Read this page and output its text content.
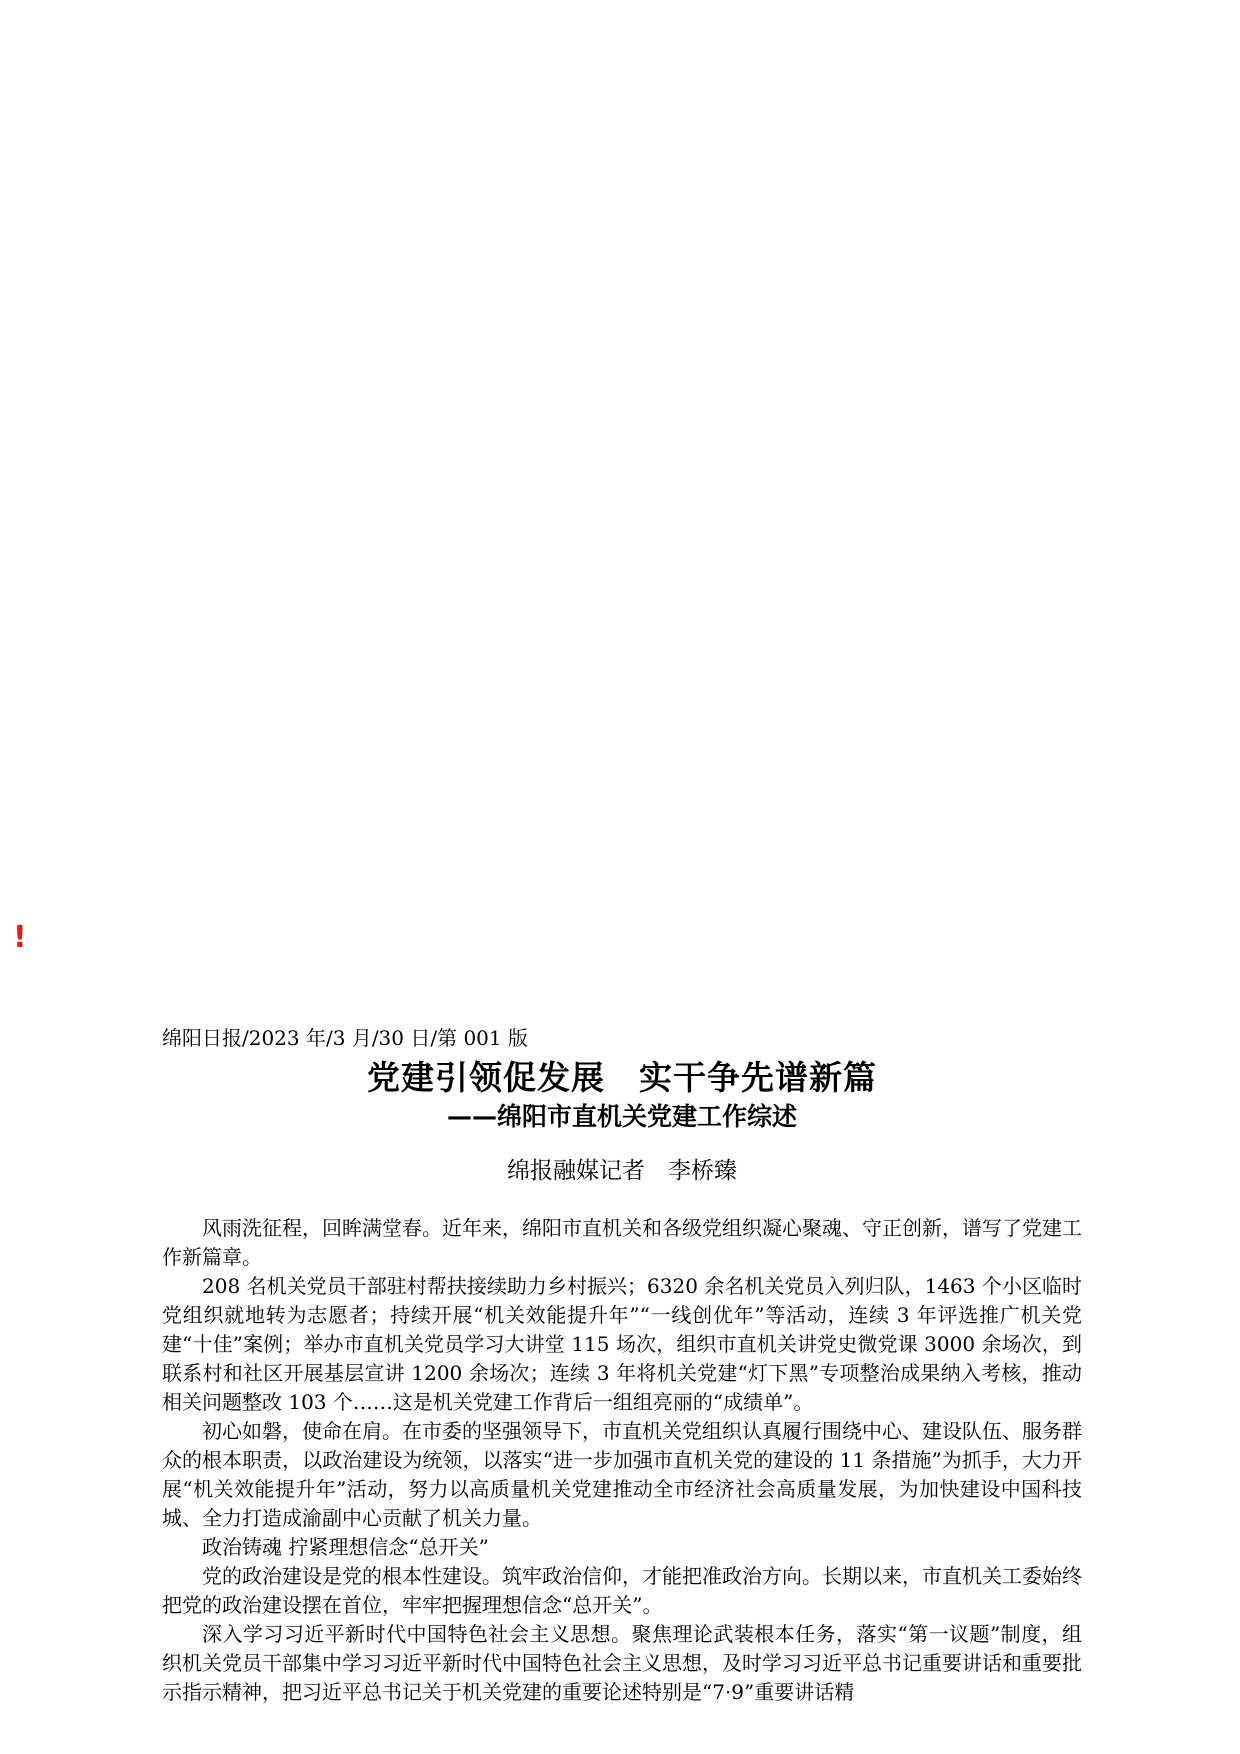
!
绵阳日报/2023 年/3 月/30 日/第 001 版
党建引领促发展　实干争先谱新篇
——绵阳市直机关党建工作综述
绵报融媒记者　李桥臻

风雨洗征程，回眸满堂春。近年来，绵阳市直机关和各级党组织凝心聚魂、守正创新，谱写了党建工作新篇章。

208 名机关党员干部驻村帮扶接续助力乡村振兴；6320 余名机关党员入列归队，1463 个小区临时党组织就地转为志愿者；持续开展“机关效能提升年”“一线创优年”等活动，连续 3 年评选推广机关党建“十佳”案例；举办市直机关党员学习大讲堂 115 场次，组织市直机关讲党史微党课 3000 余场次，到联系村和社区开展基层宣讲 1200 余场次；连续 3 年将机关党建“灯下黑”专项整治成果纳入考核，推动相关问题整改 103 个……这是机关党建工作背后一组组亮丽的“成绩单”。

初心如磐，使命在肩。在市委的坚强领导下，市直机关党组织认真履行围绕中心、建设队伍、服务群众的根本职责，以政治建设为统领，以落实“进一步加强市直机关党的建设的 11 条措施”为抓手，大力开展“机关效能提升年”活动，努力以高质量机关党建推动全市经济社会高质量发展，为加快建设中国科技城、全力打造成渝副中心贡献了机关力量。

政治铸魂 拧紧理想信念“总开关”

党的政治建设是党的根本性建设。筑牢政治信仰，才能把准政治方向。长期以来，市直机关工委始终把党的政治建设摆在首位，牢牢把握理想信念“总开关”。

深入学习习近平新时代中国特色社会主义思想。聚焦理论武装根本任务，落实“第一议题”制度，组织机关党员干部集中学习习近平新时代中国特色社会主义思想，及时学习习近平总书记重要讲话和重要批示指示精神，把习近平总书记关于机关党建的重要论述特别是“7·9”重要讲话精
